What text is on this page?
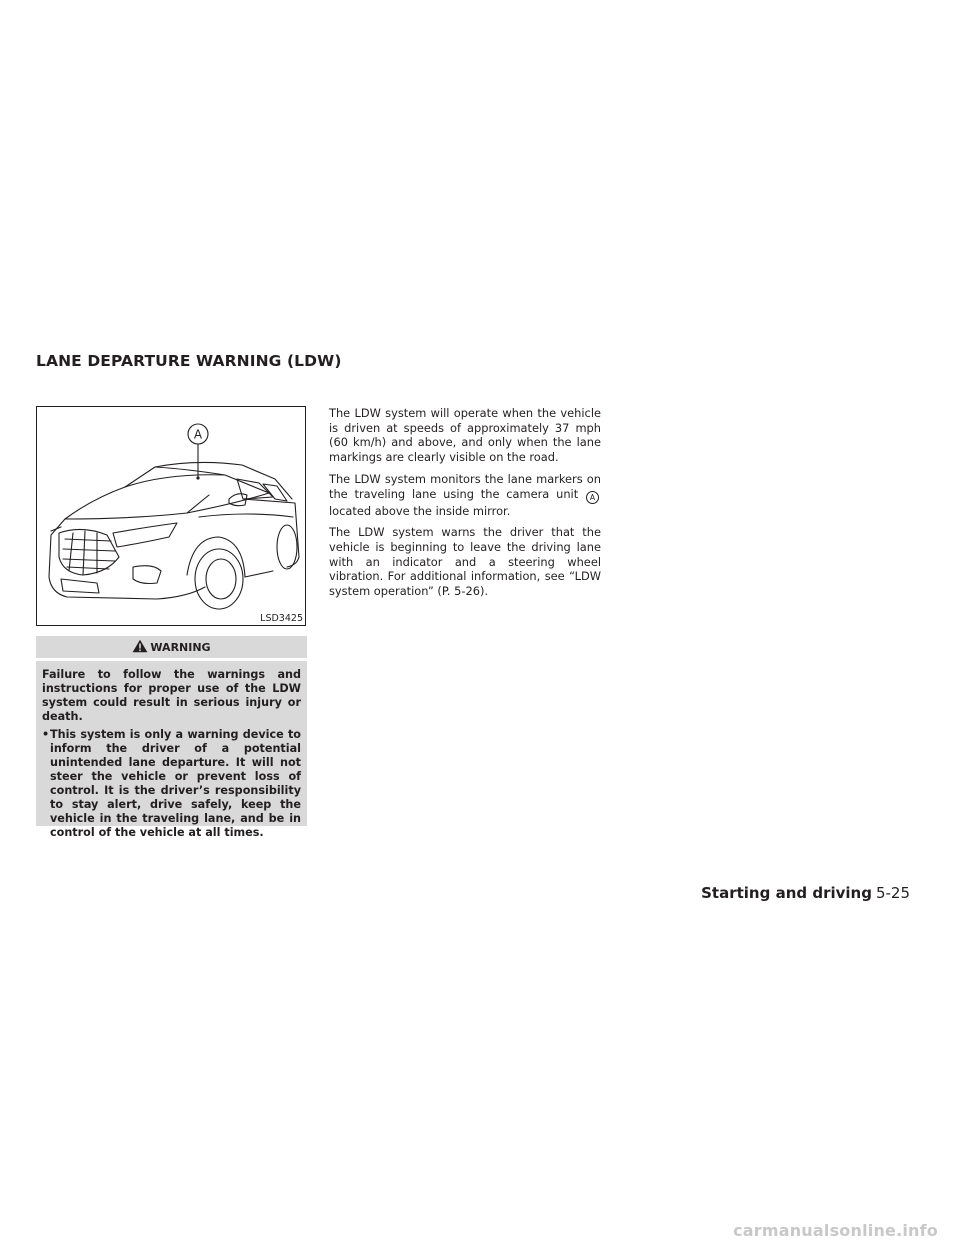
LANE DEPARTURE WARNING (LDW)
A
LSD3425
WARNING

Failure to follow the warnings and instructions for proper use of the LDW system could result in serious injury or death.

• This system is only a warning device to inform the driver of a potential unintended lane departure. It will not steer the vehicle or prevent loss of control. It is the driver’s responsibility to stay alert, drive safely, keep the vehicle in the traveling lane, and be in control of the vehicle at all times.

The LDW system will operate when the vehicle is driven at speeds of approximately 37 mph (60 km/h) and above, and only when the lane markings are clearly visible on the road.

The LDW system monitors the lane markers on the traveling lane using the camera unit A located above the inside mirror.

The LDW system warns the driver that the vehicle is beginning to leave the driving lane with an indicator and a steering wheel vibration. For additional information, see “LDW system operation” (P. 5-26).

Starting and driving 5-25
carmanualsonline.info
